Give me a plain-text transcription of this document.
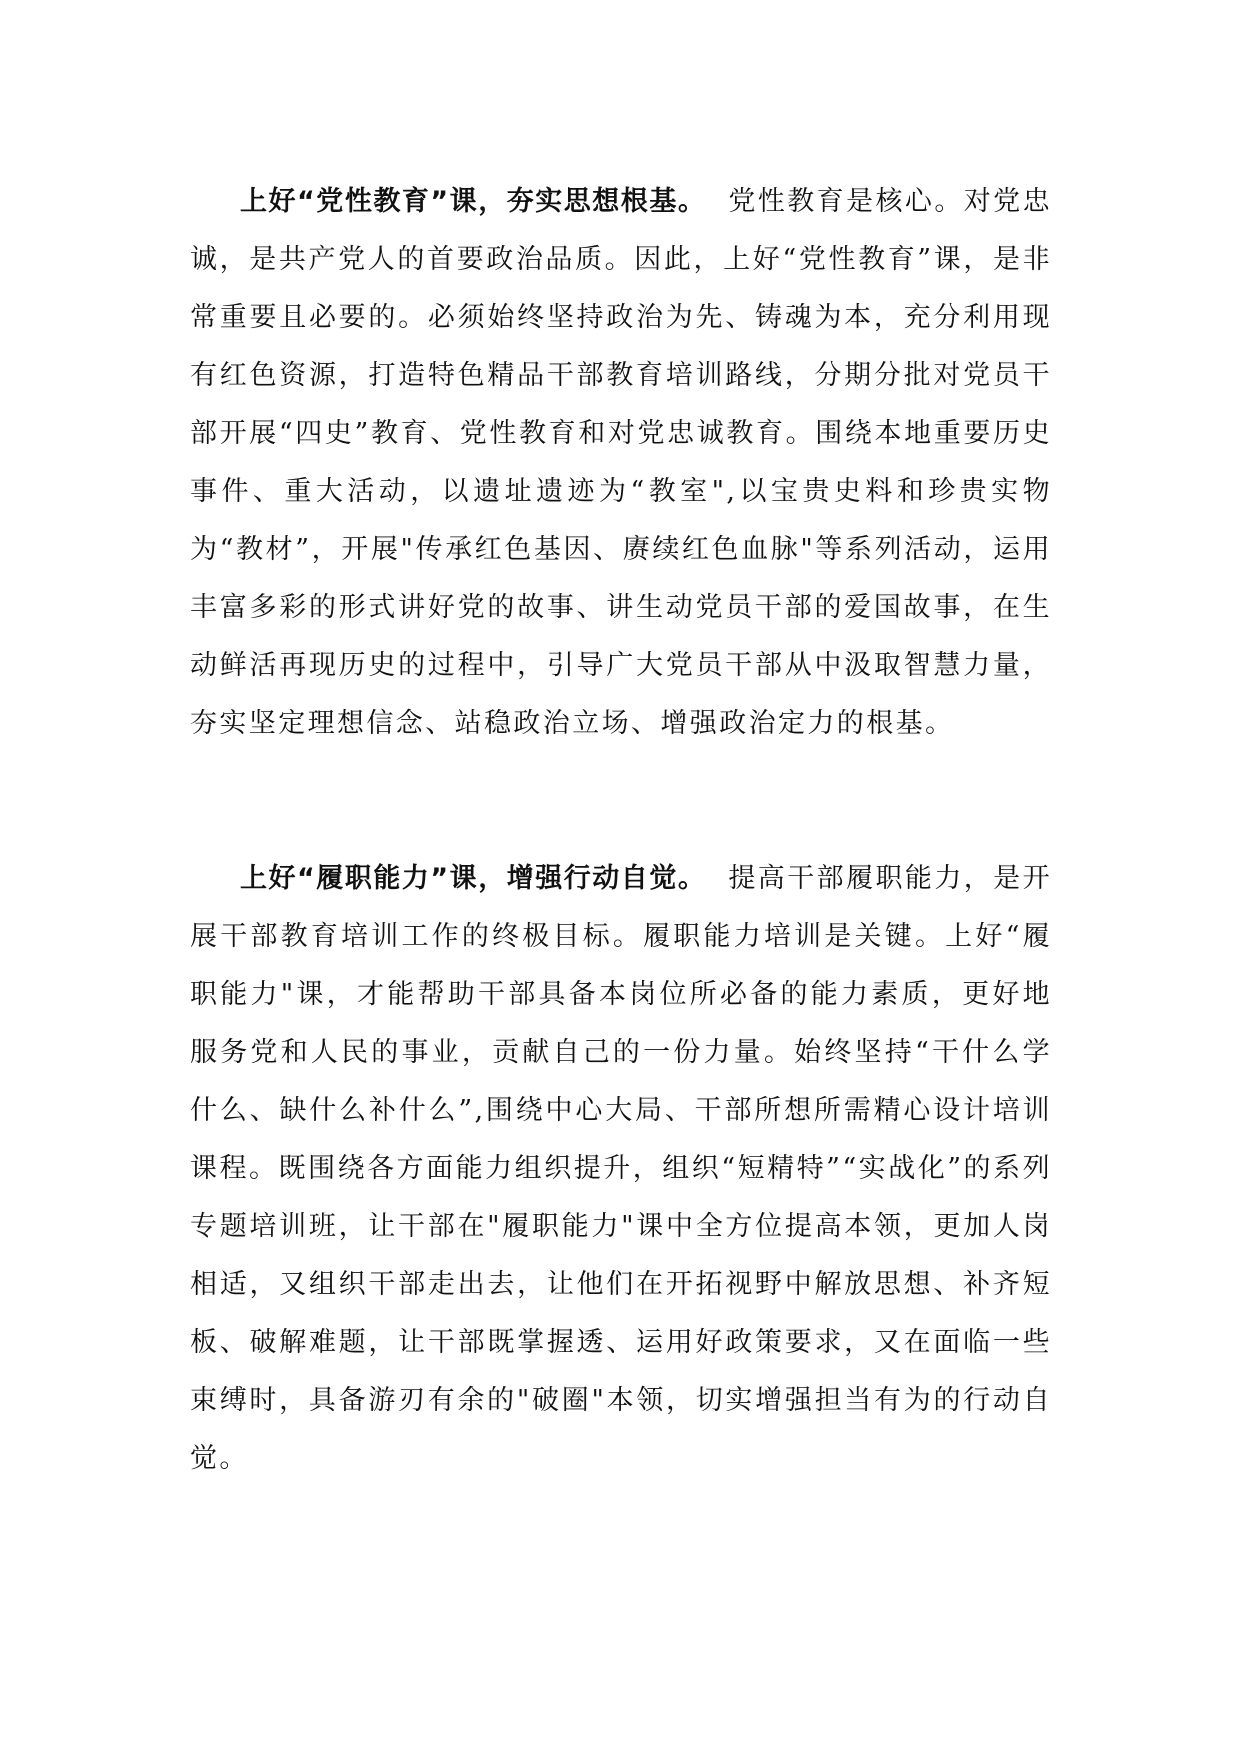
上好“党性教育”课，夯实思想根基。 党性教育是核心。对党忠诚，是共产党人的首要政治品质。因此，上好“党性教育”课，是非常重要且必要的。必须始终坚持政治为先、铸魂为本，充分利用现有红色资源，打造特色精品干部教育培训路线，分期分批对党员干部开展“四史”教育、党性教育和对党忠诚教育。围绕本地重要历史事件、重大活动，以遗址遗迹为“教室",以宝贵史料和珍贵实物为“教材”，开展"传承红色基因、赓续红色血脉"等系列活动，运用丰富多彩的形式讲好党的故事、讲生动党员干部的爱国故事，在生动鲜活再现历史的过程中，引导广大党员干部从中汲取智慧力量，夯实坚定理想信念、站稳政治立场、增强政治定力的根基。

上好“履职能力”课，增强行动自觉。 提高干部履职能力，是开展干部教育培训工作的终极目标。履职能力培训是关键。上好“履职能力"课，才能帮助干部具备本岗位所必备的能力素质，更好地服务党和人民的事业，贡献自己的一份力量。始终坚持“干什么学什么、缺什么补什么”,围绕中心大局、干部所想所需精心设计培训课程。既围绕各方面能力组织提升，组织“短精特”“实战化”的系列专题培训班，让干部在"履职能力"课中全方位提高本领，更加人岗相适，又组织干部走出去，让他们在开拓视野中解放思想、补齐短板、破解难题，让干部既掌握透、运用好政策要求，又在面临一些束缚时，具备游刃有余的"破圈"本领，切实增强担当有为的行动自觉。
